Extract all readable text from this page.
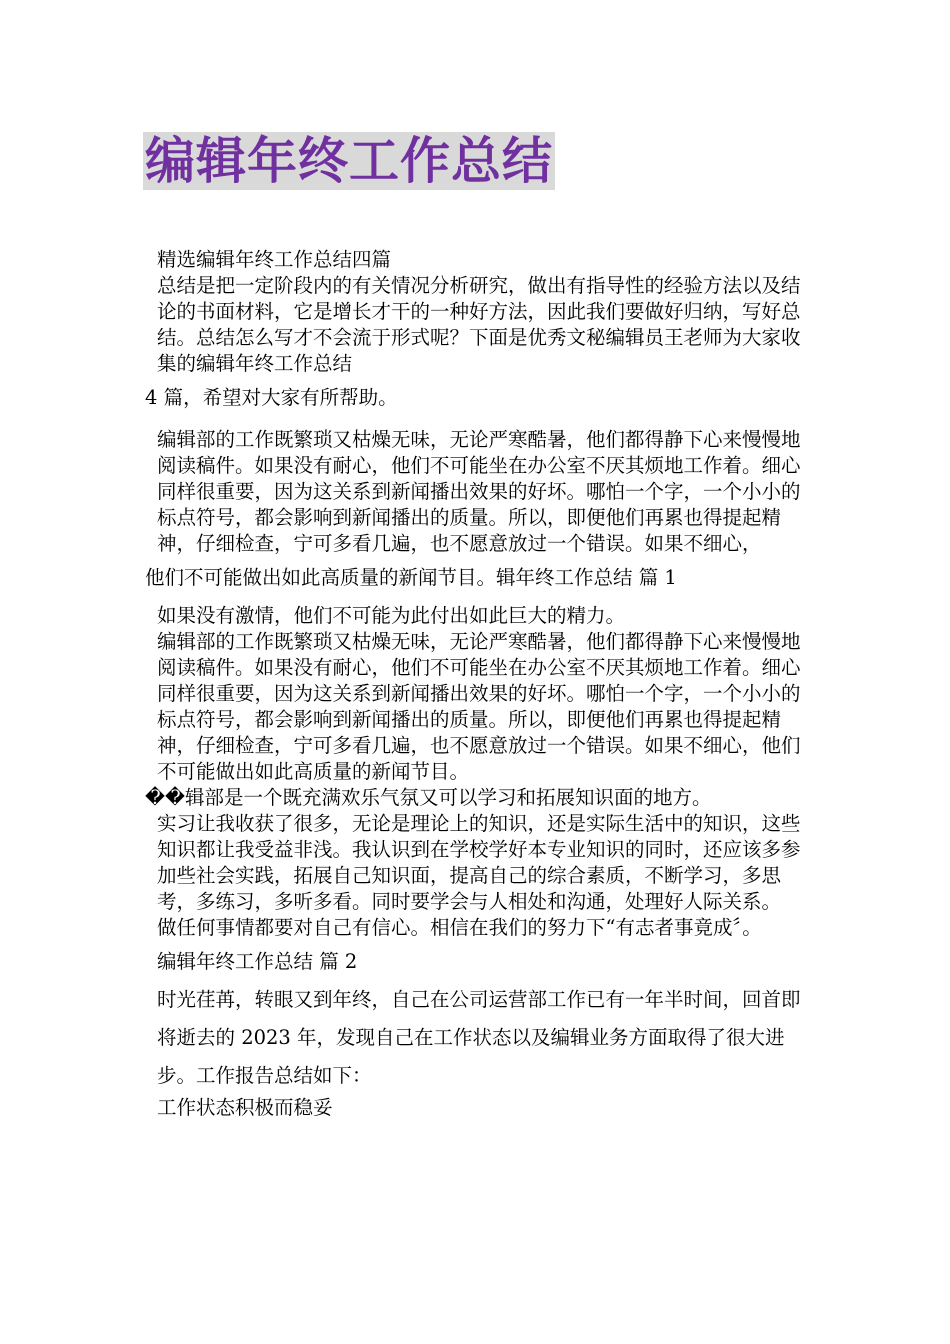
编辑年终工作总结

精选编辑年终工作总结四篇

总结是把一定阶段内的有关情况分析研究，做出有指导性的经验方法以及结论的书面材料，它是增长才干的一种好方法，因此我们要做好归纳，写好总结。总结怎么写才不会流于形式呢？下面是优秀文秘编辑员王老师为大家收集的编辑年终工作总结

4 篇，希望对大家有所帮助。

编辑部的工作既繁琐又枯燥无味，无论严寒酷暑，他们都得静下心来慢慢地阅读稿件。如果没有耐心，他们不可能坐在办公室不厌其烦地工作着。细心同样很重要，因为这关系到新闻播出效果的好坏。哪怕一个字，一个小小的标点符号，都会影响到新闻播出的质量。所以，即便他们再累也得提起精神，仔细检查，宁可多看几遍，也不愿意放过一个错误。如果不细心，

他们不可能做出如此高质量的新闻节目。辑年终工作总结 篇 1

如果没有激情，他们不可能为此付出如此巨大的精力。

编辑部的工作既繁琐又枯燥无味，无论严寒酷暑，他们都得静下心来慢慢地阅读稿件。如果没有耐心，他们不可能坐在办公室不厌其烦地工作着。细心同样很重要，因为这关系到新闻播出效果的好坏。哪怕一个字，一个小小的标点符号，都会影响到新闻播出的质量。所以，即便他们再累也得提起精神，仔细检查，宁可多看几遍，也不愿意放过一个错误。如果不细心，他们不可能做出如此高质量的新闻节目。

��辑部是一个既充满欢乐气氛又可以学习和拓展知识面的地方。

实习让我收获了很多，无论是理论上的知识，还是实际生活中的知识，这些知识都让我受益非浅。我认识到在学校学好本专业知识的同时，还应该多参加些社会实践，拓展自己知识面，提高自己的综合素质，不断学习，多思考，多练习，多听多看。同时要学会与人相处和沟通，处理好人际关系。

做任何事情都要对自己有信心。相信在我们的努力下“有志者事竟成〞。

编辑年终工作总结 篇 2

时光荏苒，转眼又到年终，自己在公司运营部工作已有一年半时间，回首即将逝去的 2023 年，发现自己在工作状态以及编辑业务方面取得了很大进步。工作报告总结如下：

工作状态积极而稳妥
